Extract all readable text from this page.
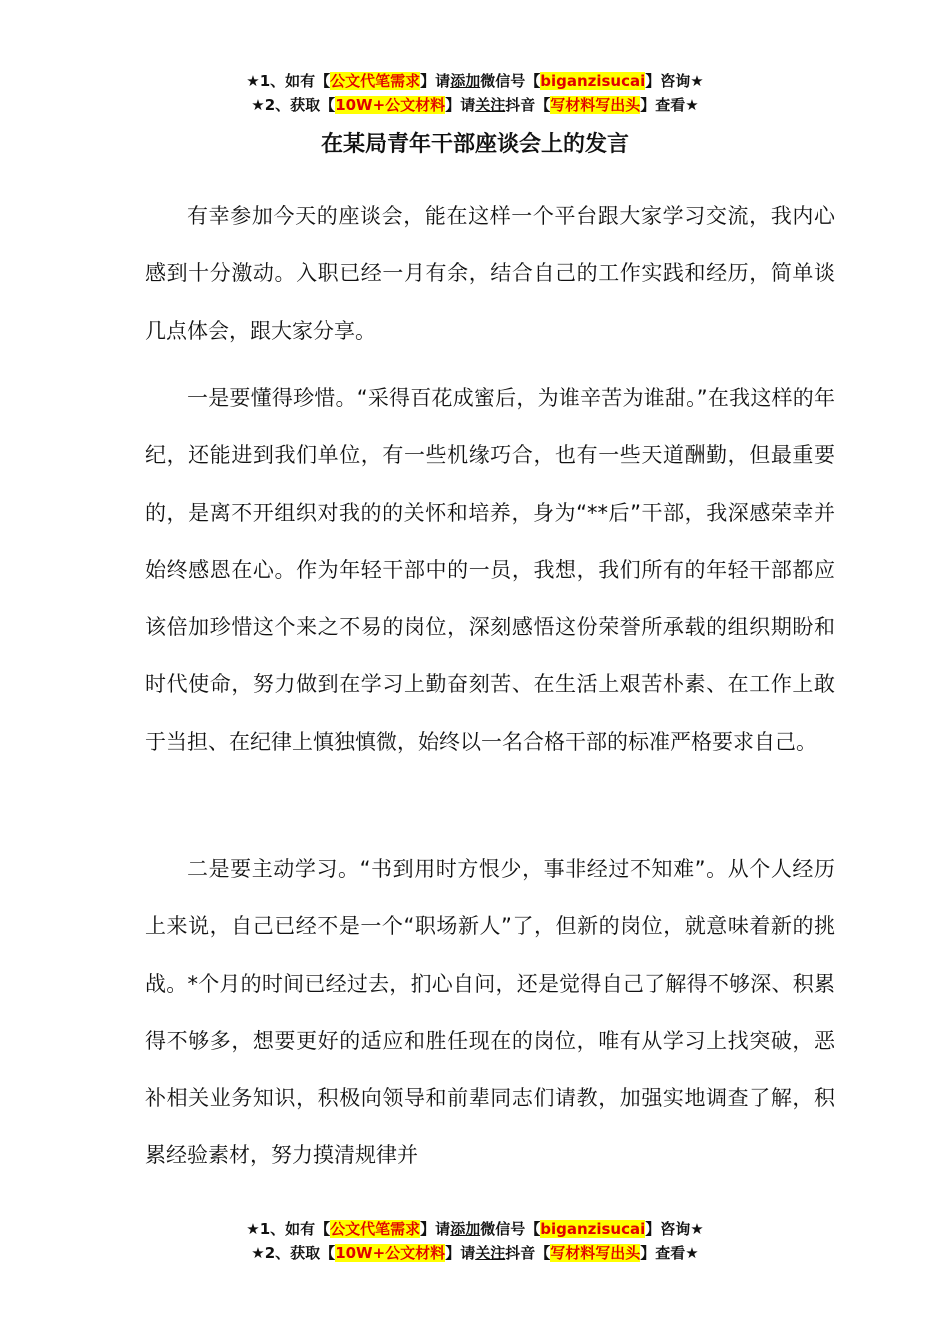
★1、如有【公文代笔需求】请添加微信号【biganzisucai】咨询★
★2、获取【10W+公文材料】请关注抖音【写材料写出头】查看★
在某局青年干部座谈会上的发言

有幸参加今天的座谈会，能在这样一个平台跟大家学习交流，我内心感到十分激动。入职已经一月有余，结合自己的工作实践和经历，简单谈几点体会，跟大家分享。

一是要懂得珍惜。“采得百花成蜜后，为谁辛苦为谁甜。”在我这样的年纪，还能进到我们单位，有一些机缘巧合，也有一些天道酬勤，但最重要的，是离不开组织对我的的关怀和培养，身为“**后”干部，我深感荣幸并始终感恩在心。作为年轻干部中的一员，我想，我们所有的年轻干部都应该倍加珍惜这个来之不易的岗位，深刻感悟这份荣誉所承载的组织期盼和时代使命，努力做到在学习上勤奋刻苦、在生活上艰苦朴素、在工作上敢于当担、在纪律上慎独慎微，始终以一名合格干部的标准严格要求自己。

二是要主动学习。“书到用时方恨少，事非经过不知难”。从个人经历上来说，自己已经不是一个“职场新人”了，但新的岗位，就意味着新的挑战。*个月的时间已经过去，扪心自问，还是觉得自己了解得不够深、积累得不够多，想要更好的适应和胜任现在的岗位，唯有从学习上找突破，恶补相关业务知识，积极向领导和前辈同志们请教，加强实地调查了解，积累经验素材，努力摸清规律并

★1、如有【公文代笔需求】请添加微信号【biganzisucai】咨询★
★2、获取【10W+公文材料】请关注抖音【写材料写出头】查看★
